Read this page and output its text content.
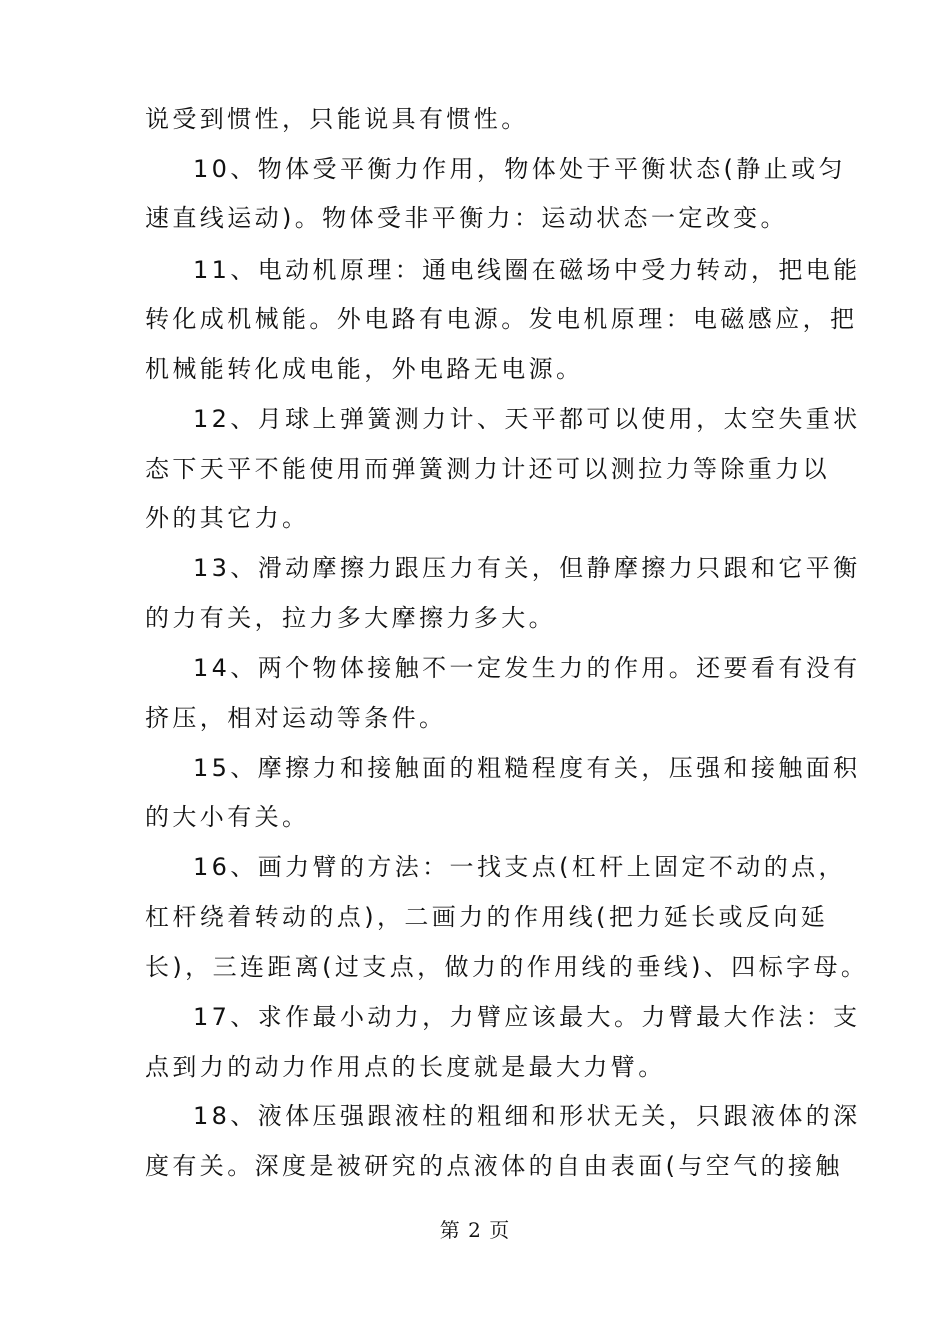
说受到惯性，只能说具有惯性。
10、物体受平衡力作用，物体处于平衡状态(静止或匀
速直线运动)。物体受非平衡力：运动状态一定改变。
11、电动机原理：通电线圈在磁场中受力转动，把电能
转化成机械能。外电路有电源。发电机原理：电磁感应，把
机械能转化成电能，外电路无电源。
12、月球上弹簧测力计、天平都可以使用，太空失重状
态下天平不能使用而弹簧测力计还可以测拉力等除重力以
外的其它力。
13、滑动摩擦力跟压力有关，但静摩擦力只跟和它平衡
的力有关，拉力多大摩擦力多大。
14、两个物体接触不一定发生力的作用。还要看有没有
挤压，相对运动等条件。
15、摩擦力和接触面的粗糙程度有关，压强和接触面积
的大小有关。
16、画力臂的方法：一找支点(杠杆上固定不动的点，
杠杆绕着转动的点)，二画力的作用线(把力延长或反向延
长)，三连距离(过支点，做力的作用线的垂线)、四标字母。
17、求作最小动力，力臂应该最大。力臂最大作法：支
点到力的动力作用点的长度就是最大力臂。
18、液体压强跟液柱的粗细和形状无关，只跟液体的深
度有关。深度是被研究的点液体的自由表面(与空气的接触
第 2 页
